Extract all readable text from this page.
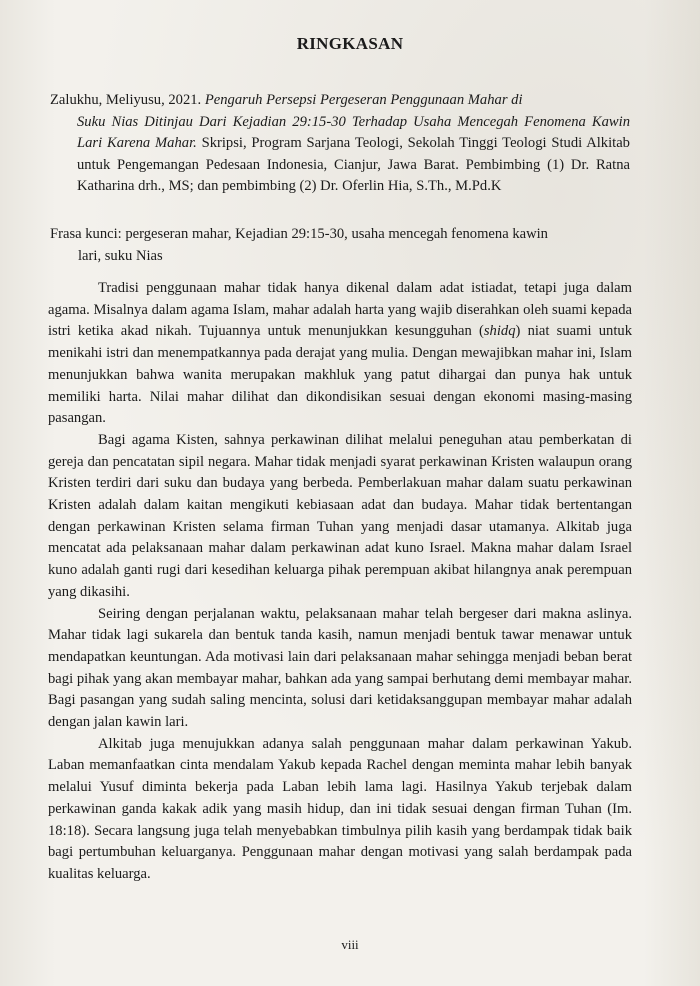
RINGKASAN
Zalukhu, Meliyusu, 2021. Pengaruh Persepsi Pergeseran Penggunaan Mahar di
Suku Nias Ditinjau Dari Kejadian 29:15-30 Terhadap Usaha Mencegah Fenomena Kawin Lari Karena Mahar. Skripsi, Program Sarjana Teologi, Sekolah Tinggi Teologi Studi Alkitab untuk Pengemangan Pedesaan Indonesia, Cianjur, Jawa Barat. Pembimbing (1) Dr. Ratna Katharina drh., MS; dan pembimbing (2) Dr. Oferlin Hia, S.Th., M.Pd.K
Frasa kunci: pergeseran mahar, Kejadian 29:15-30, usaha mencegah fenomena kawin
lari, suku Nias

Tradisi penggunaan mahar tidak hanya dikenal dalam adat istiadat, tetapi juga dalam agama. Misalnya dalam agama Islam, mahar adalah harta yang wajib diserahkan oleh suami kepada istri ketika akad nikah. Tujuannya untuk menunjukkan kesungguhan (shidq) niat suami untuk menikahi istri dan menempatkannya pada derajat yang mulia. Dengan mewajibkan mahar ini, Islam menunjukkan bahwa wanita merupakan makhluk yang patut dihargai dan punya hak untuk memiliki harta. Nilai mahar dilihat dan dikondisikan sesuai dengan ekonomi masing-masing pasangan.

Bagi agama Kisten, sahnya perkawinan dilihat melalui peneguhan atau pemberkatan di gereja dan pencatatan sipil negara. Mahar tidak menjadi syarat perkawinan Kristen walaupun orang Kristen terdiri dari suku dan budaya yang berbeda. Pemberlakuan mahar dalam suatu perkawinan Kristen adalah dalam kaitan mengikuti kebiasaan adat dan budaya. Mahar tidak bertentangan dengan perkawinan Kristen selama firman Tuhan yang menjadi dasar utamanya. Alkitab juga mencatat ada pelaksanaan mahar dalam perkawinan adat kuno Israel. Makna mahar dalam Israel kuno adalah ganti rugi dari kesedihan keluarga pihak perempuan akibat hilangnya anak perempuan yang dikasihi.

Seiring dengan perjalanan waktu, pelaksanaan mahar telah bergeser dari makna aslinya. Mahar tidak lagi sukarela dan bentuk tanda kasih, namun menjadi bentuk tawar menawar untuk mendapatkan keuntungan. Ada motivasi lain dari pelaksanaan mahar sehingga menjadi beban berat bagi pihak yang akan membayar mahar, bahkan ada yang sampai berhutang demi membayar mahar. Bagi pasangan yang sudah saling mencinta, solusi dari ketidaksanggupan membayar mahar adalah dengan jalan kawin lari.

Alkitab juga menujukkan adanya salah penggunaan mahar dalam perkawinan Yakub. Laban memanfaatkan cinta mendalam Yakub kepada Rachel dengan meminta mahar lebih banyak melalui Yusuf diminta bekerja pada Laban lebih lama lagi. Hasilnya Yakub terjebak dalam perkawinan ganda kakak adik yang masih hidup, dan ini tidak sesuai dengan firman Tuhan (Im. 18:18). Secara langsung juga telah menyebabkan timbulnya pilih kasih yang berdampak tidak baik bagi pertumbuhan keluarganya. Penggunaan mahar dengan motivasi yang salah berdampak pada kualitas keluarga.

viii
